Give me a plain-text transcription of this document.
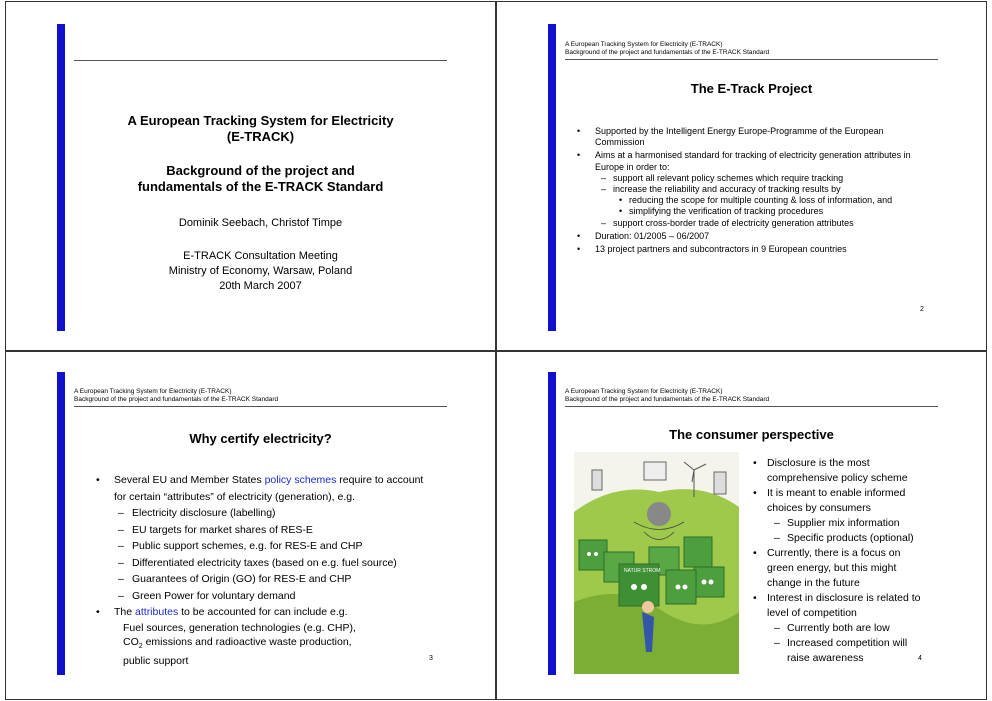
A European Tracking System for Electricity
(E-TRACK)
Background of the project and
fundamentals of the E-TRACK Standard
Dominik Seebach, Christof Timpe
E-TRACK Consultation Meeting
Ministry of Economy, Warsaw, Poland
20th March 2007
A European Tracking System for Electricity (E-TRACK)
Background of the project and fundamentals of the E-TRACK Standard
The E-Track Project
• Supported by the Intelligent Energy Europe-Programme of the European Commission
• Aims at a harmonised standard for tracking of electricity generation attributes in Europe in order to:
– support all relevant policy schemes which require tracking
– increase the reliability and accuracy of tracking results by
• reducing the scope for multiple counting & loss of information, and
• simplifying the verification of tracking procedures
– support cross-border trade of electricity generation attributes
• Duration: 01/2005 – 06/2007
• 13 project partners and subcontractors in 9 European countries
2
A European Tracking System for Electricity (E-TRACK)
Background of the project and fundamentals of the E-TRACK Standard
Why certify electricity?
• Several EU and Member States policy schemes require to account for certain “attributes” of electricity (generation), e.g.
– Electricity disclosure (labelling)
– EU targets for market shares of RES-E
– Public support schemes, e.g. for RES-E and CHP
– Differentiated electricity taxes (based on e.g. fuel source)
– Guarantees of Origin (GO) for RES-E and CHP
– Green Power for voluntary demand
• The attributes to be accounted for can include e.g.
Fuel sources, generation technologies (e.g. CHP),
$CO_2$ emissions and radioactive waste production,
public support	3
A European Tracking System for Electricity (E-TRACK)
Background of the project and fundamentals of the E-TRACK Standard
The consumer perspective
NATUR STROM
• Disclosure is the most comprehensive policy scheme
• It is meant to enable informed choices by consumers
– Supplier mix information
– Specific products (optional)
• Currently, there is a focus on green energy, but this might change in the future
• Interest in disclosure is related to level of competition
– Currently both are low
– Increased competition will raise awareness	4
